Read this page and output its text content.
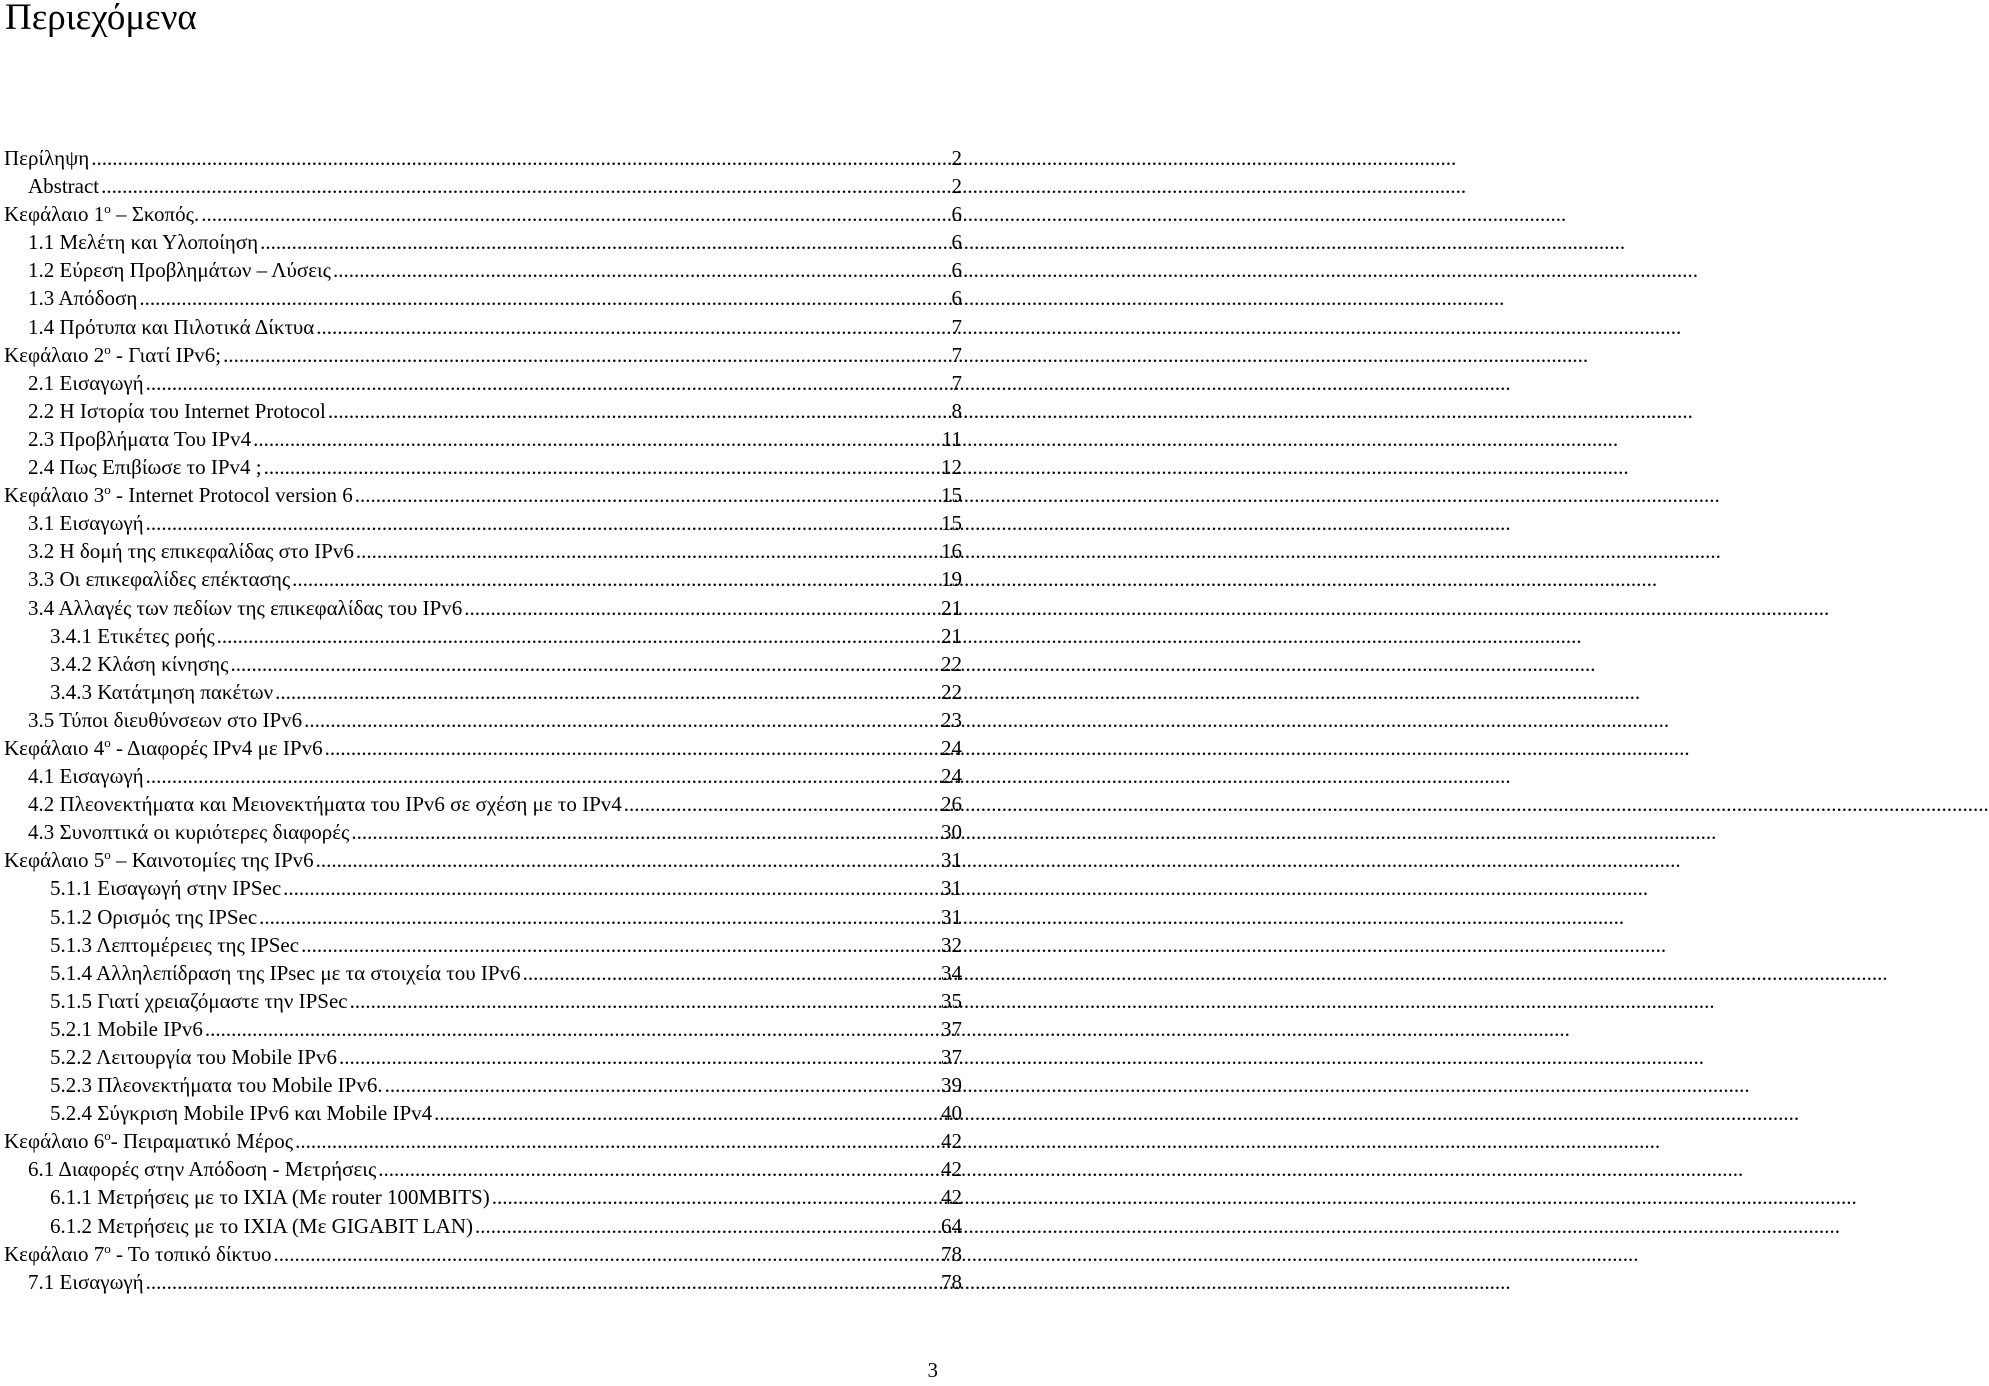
Περιεχόμενα
Περίληψη .....	2
Abstract .....	2
Κεφάλαιο $1^o$ – Σκοπός. .....	6
1.1 Μελέτη και Υλοποίηση .....	6
1.2 Εύρεση Προβλημάτων – Λύσεις .....	6
1.3 Απόδοση .....	6
1.4 Πρότυπα και Πιλοτικά Δίκτυα .....	7
Κεφάλαιο $2^o$ - Γιατί IPv6; .....	7
2.1 Εισαγωγή .....	7
2.2 Η Ιστορία του Internet Protocol .....	8
2.3 Προβλήματα Του IPv4 .....	11
2.4 Πως Επιβίωσε το IPv4 ; .....	12
Κεφάλαιο $3^o$ - Internet Protocol version 6 .....	15
3.1 Εισαγωγή .....	15
3.2 Η δομή της επικεφαλίδας στο IPv6 .....	16
3.3 Οι επικεφαλίδες επέκτασης .....	19
3.4 Αλλαγές των πεδίων της επικεφαλίδας του IPv6 .....	21
3.4.1 Ετικέτες ροής .....	21
3.4.2 Κλάση κίνησης .....	22
3.4.3 Κατάτμηση πακέτων .....	22
3.5 Τύποι διευθύνσεων στο IPv6 .....	23
Κεφάλαιο $4^o$ - Διαφορές IPv4 με IPv6 .....	24
4.1 Εισαγωγή .....	24
4.2 Πλεονεκτήματα και Μειονεκτήματα του IPv6 σε σχέση με το IPv4 .....	26
4.3 Συνοπτικά οι κυριότερες διαφορές .....	30
Κεφάλαιο $5^o$ – Καινοτομίες της IPv6 .....	31
5.1.1 Εισαγωγή στην IPSec .....	31
5.1.2 Ορισμός της IPSec .....	31
5.1.3 Λεπτομέρειες της IPSec .....	32
5.1.4 Αλληλεπίδραση της IPsec με τα στοιχεία του IPv6 .....	34
5.1.5 Γιατί χρειαζόμαστε την IPSec .....	35
5.2.1 Mobile IPv6 .....	37
5.2.2 Λειτουργία του Mobile IPv6 .....	37
5.2.3 Πλεονεκτήματα του Mobile IPv6. .....	39
5.2.4 Σύγκριση Mobile IPv6 και Mobile IPv4 .....	40
Κεφάλαιο $6^o-$ Πειραματικό Μέρος .....	42
6.1 Διαφορές στην Απόδοση - Μετρήσεις .....	42
6.1.1 Μετρήσεις με το IXIA (Με router 100MBITS) .....	42
6.1.2 Μετρήσεις με το IXIA (Με GIGABIT LAN) .....	64
Κεφάλαιο $7^o$ - Το τοπικό δίκτυο .....	78
7.1 Εισαγωγή .....	78
3
